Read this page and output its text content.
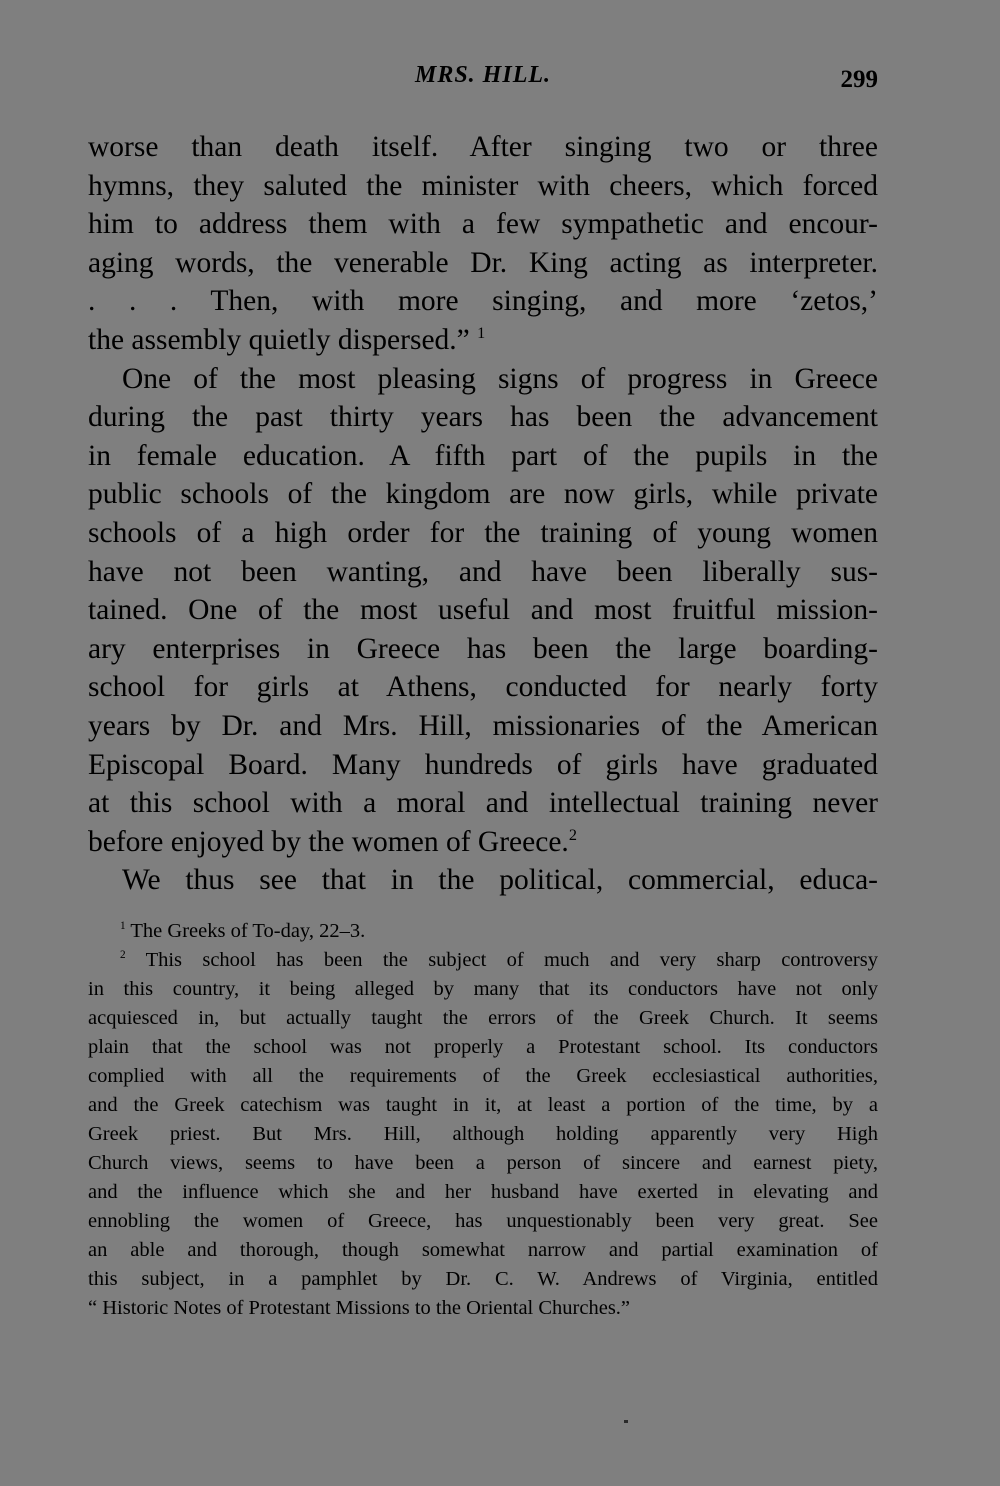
MRS. HILL.	299
worse than death itself. After singing two or three
hymns, they saluted the minister with cheers, which forced
him to address them with a few sympathetic and encour-
aging words, the venerable Dr. King acting as interpreter.
. . . Then, with more singing, and more ‘zetos,’
the assembly quietly dispersed.” $^1$
One of the most pleasing signs of progress in Greece
during the past thirty years has been the advancement
in female education. A fifth part of the pupils in the
public schools of the kingdom are now girls, while private
schools of a high order for the training of young women
have not been wanting, and have been liberally sus-
tained. One of the most useful and most fruitful mission-
ary enterprises in Greece has been the large boarding-
school for girls at Athens, conducted for nearly forty
years by Dr. and Mrs. Hill, missionaries of the American
Episcopal Board. Many hundreds of girls have graduated
at this school with a moral and intellectual training never
before enjoyed by the women of Greece.$^2$
We thus see that in the political, commercial, educa-
$^1$ The Greeks of To-day, 22–3.
$^2$ This school has been the subject of much and very sharp controversy
in this country, it being alleged by many that its conductors have not only
acquiesced in, but actually taught the errors of the Greek Church. It seems
plain that the school was not properly a Protestant school. Its conductors
complied with all the requirements of the Greek ecclesiastical authorities,
and the Greek catechism was taught in it, at least a portion of the time, by a
Greek priest. But Mrs. Hill, although holding apparently very High
Church views, seems to have been a person of sincere and earnest piety,
and the influence which she and her husband have exerted in elevating and
ennobling the women of Greece, has unquestionably been very great. See
an able and thorough, though somewhat narrow and partial examination of
this subject, in a pamphlet by Dr. C. W. Andrews of Virginia, entitled
“ Historic Notes of Protestant Missions to the Oriental Churches.”
